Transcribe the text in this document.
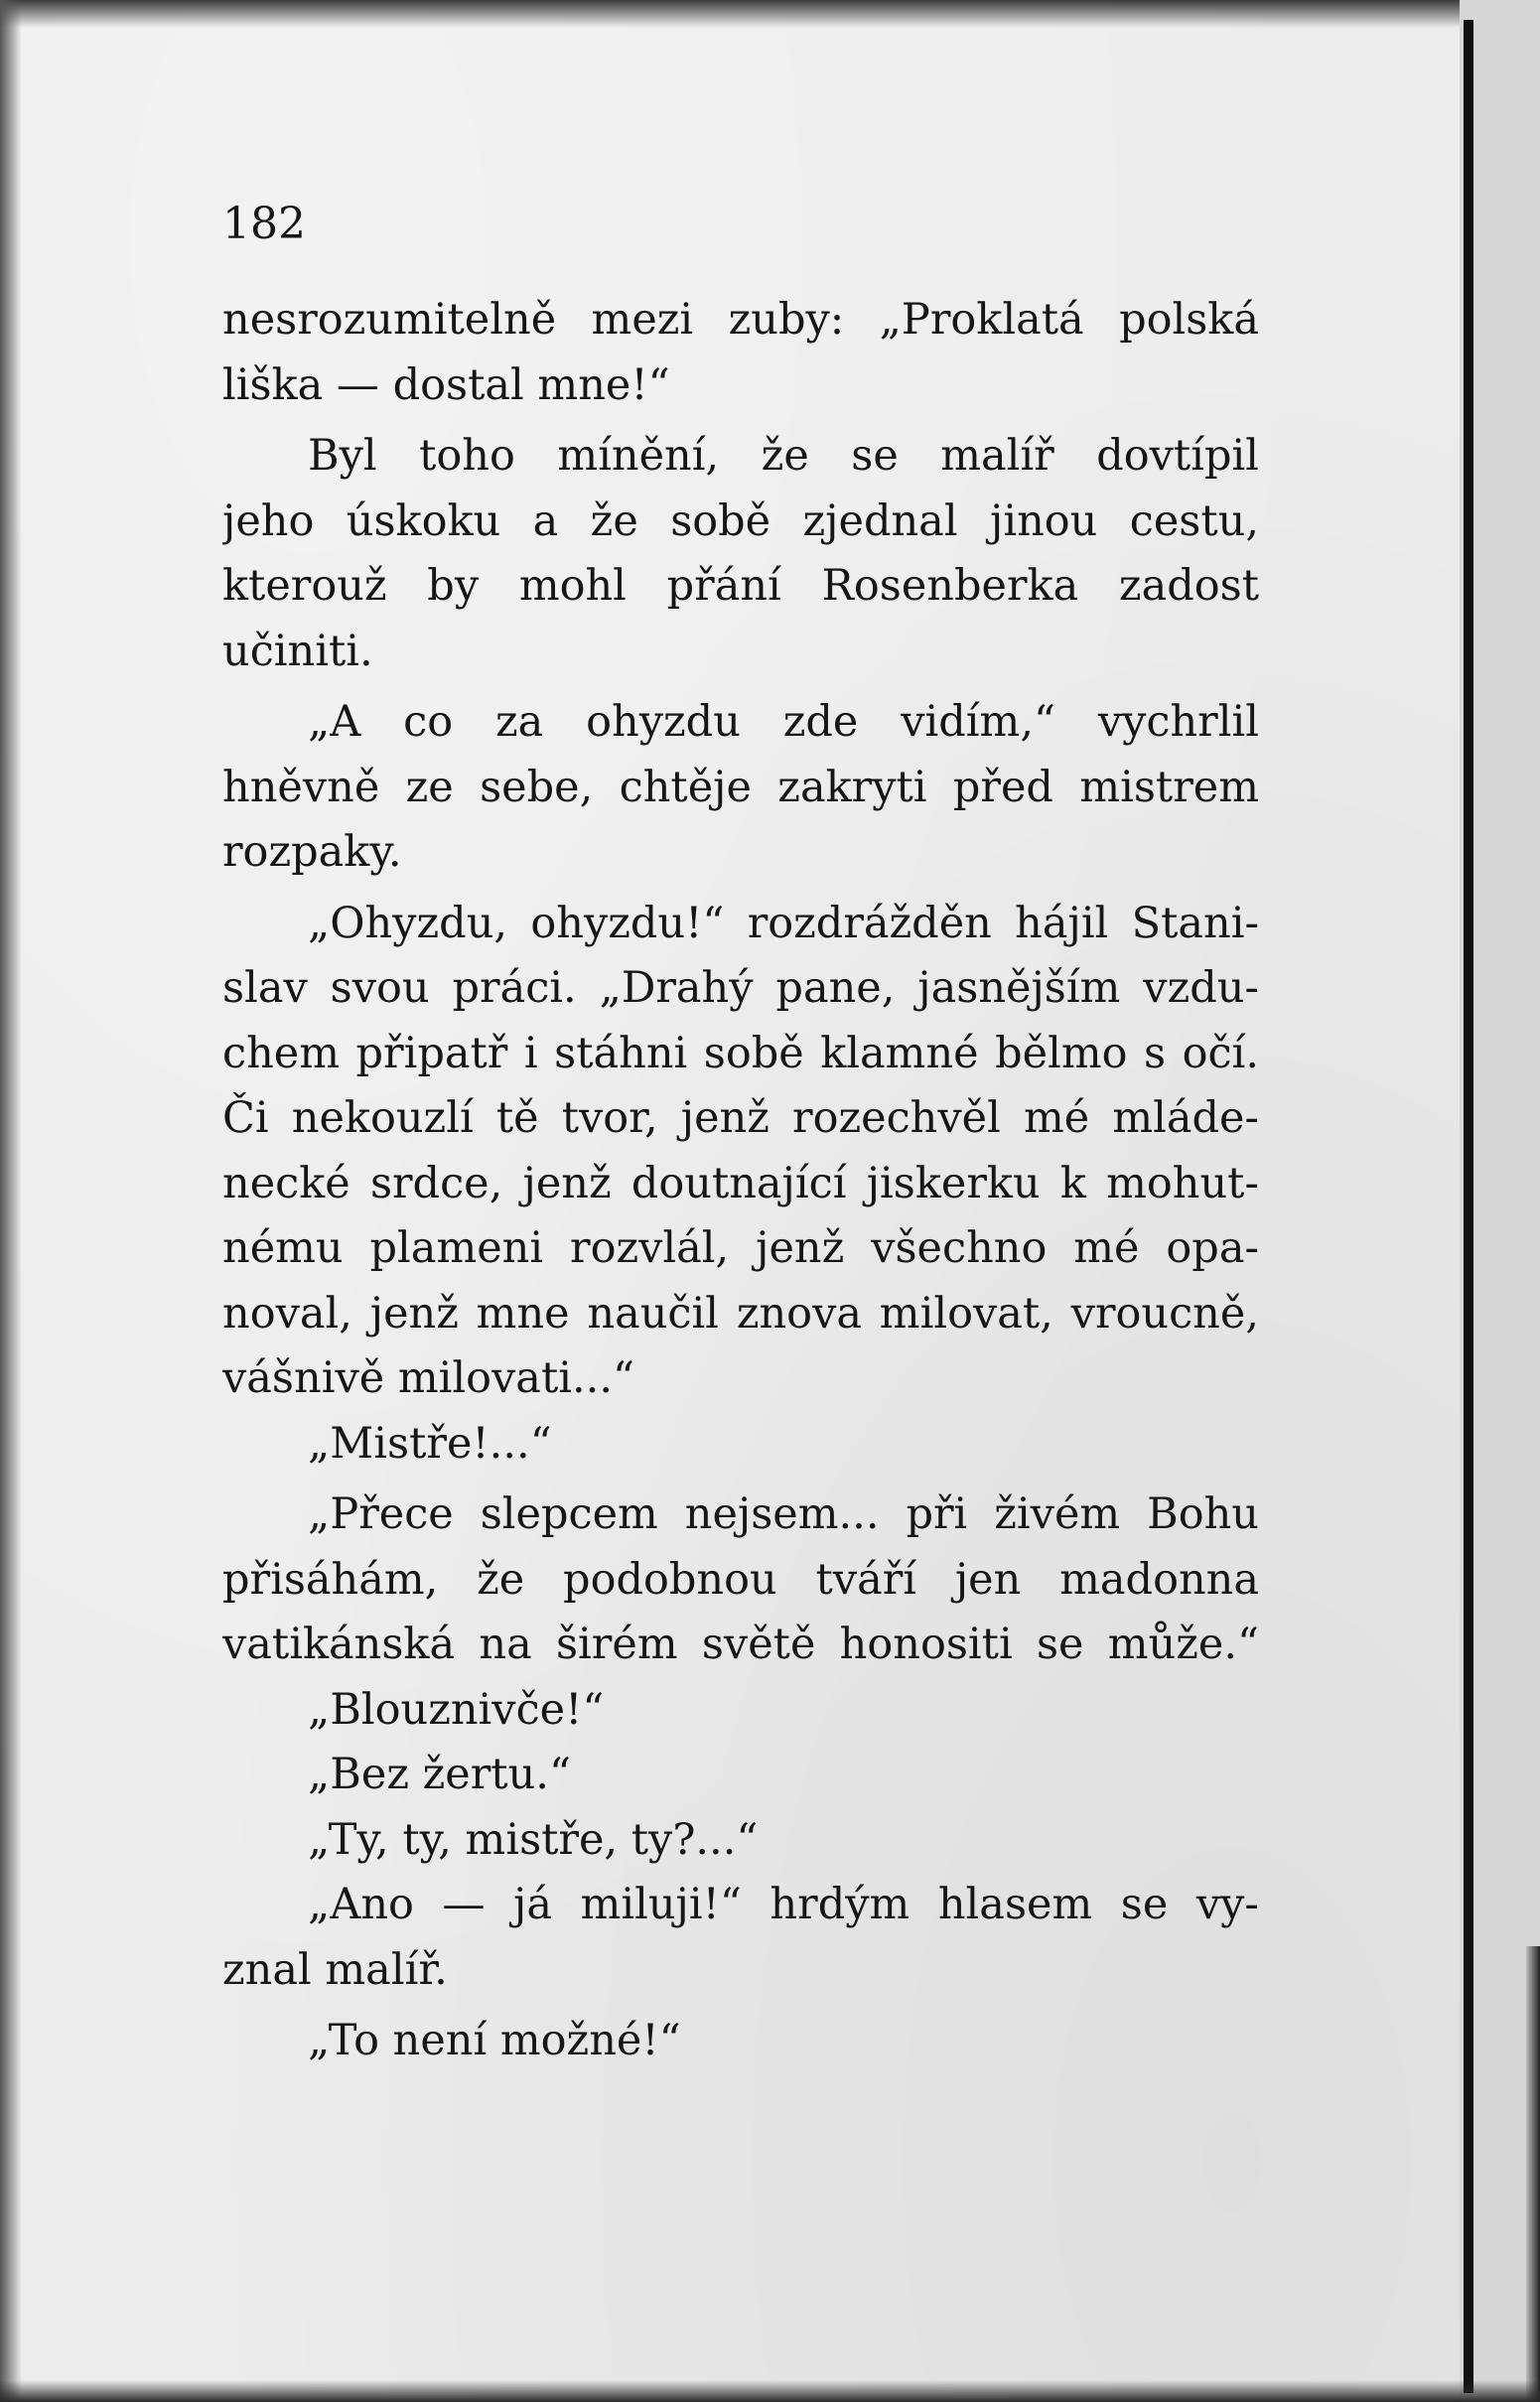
182
nesrozumitelně mezi zuby: „Proklatá polská
liška — dostal mne!“
Byl toho mínění, že se malíř dovtípil
jeho úskoku a že sobě zjednal jinou cestu,
kterouž by mohl přání Rosenberka zadost
učiniti.
„A co za ohyzdu zde vidím,“ vychrlil
hněvně ze sebe, chtěje zakryti před mistrem
rozpaky.
„Ohyzdu, ohyzdu!“ rozdrážděn hájil Stani-
slav svou práci. „Drahý pane, jasnějším vzdu-
chem připatř i stáhni sobě klamné bělmo s očí.
Či nekouzlí tě tvor, jenž rozechvěl mé mláde-
necké srdce, jenž doutnající jiskerku k mohut-
nému plameni rozvlál, jenž všechno mé opa-
noval, jenž mne naučil znova milovat, vroucně,
vášnivě milovati...“
„Mistře!...“
„Přece slepcem nejsem... při živém Bohu
přisáhám, že podobnou tváří jen madonna
vatikánská na širém světě honositi se může.“
„Blouznivče!“
„Bez žertu.“
„Ty, ty, mistře, ty?...“
„Ano — já miluji!“ hrdým hlasem se vy-
znal malíř.
„To není možné!“
